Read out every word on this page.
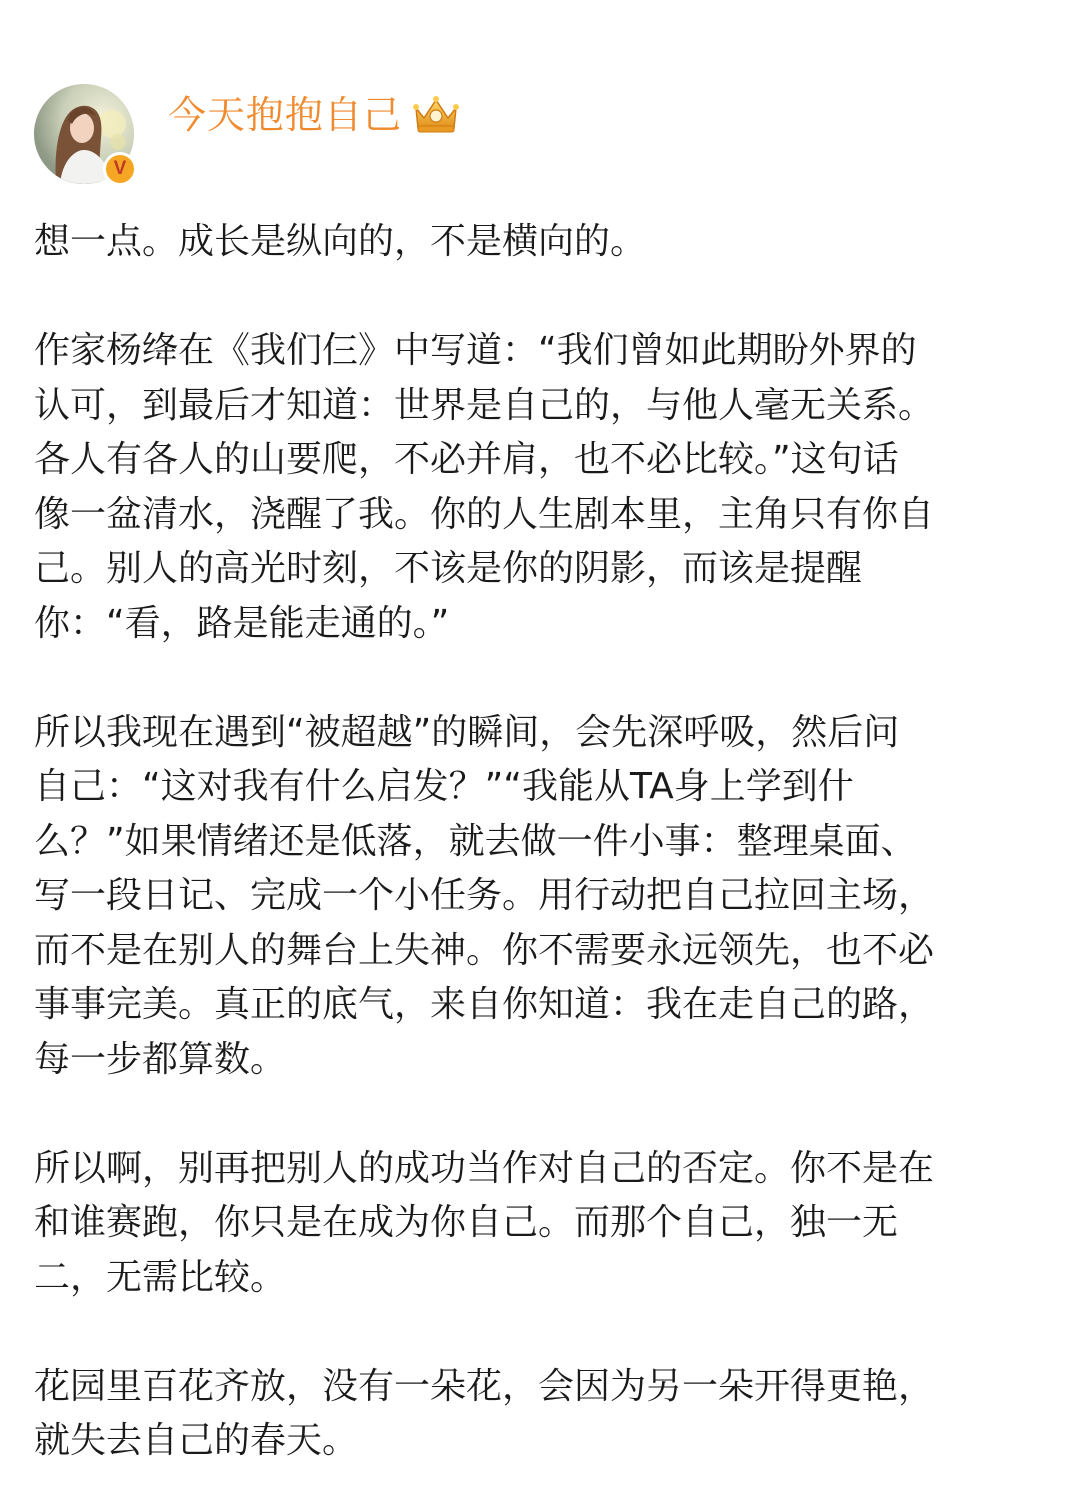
V
今天抱抱自己

想一点。成长是纵向的，不是横向的。

作家杨绛在《我们仨》中写道：“我们曾如此期盼外界的
认可，到最后才知道：世界是自己的，与他人毫无关系。
各人有各人的山要爬，不必并肩，也不必比较。”这句话
像一盆清水，浇醒了我。你的人生剧本里，主角只有你自
己。别人的高光时刻，不该是你的阴影，而该是提醒
你：“看，路是能走通的。”

所以我现在遇到“被超越”的瞬间，会先深呼吸，然后问
自己：“这对我有什么启发？”“我能从TA身上学到什
么？”如果情绪还是低落，就去做一件小事：整理桌面、
写一段日记、完成一个小任务。用行动把自己拉回主场，
而不是在别人的舞台上失神。你不需要永远领先，也不必
事事完美。真正的底气，来自你知道：我在走自己的路，
每一步都算数。

所以啊，别再把别人的成功当作对自己的否定。你不是在
和谁赛跑，你只是在成为你自己。而那个自己，独一无
二，无需比较。

花园里百花齐放，没有一朵花，会因为另一朵开得更艳，
就失去自己的春天。
